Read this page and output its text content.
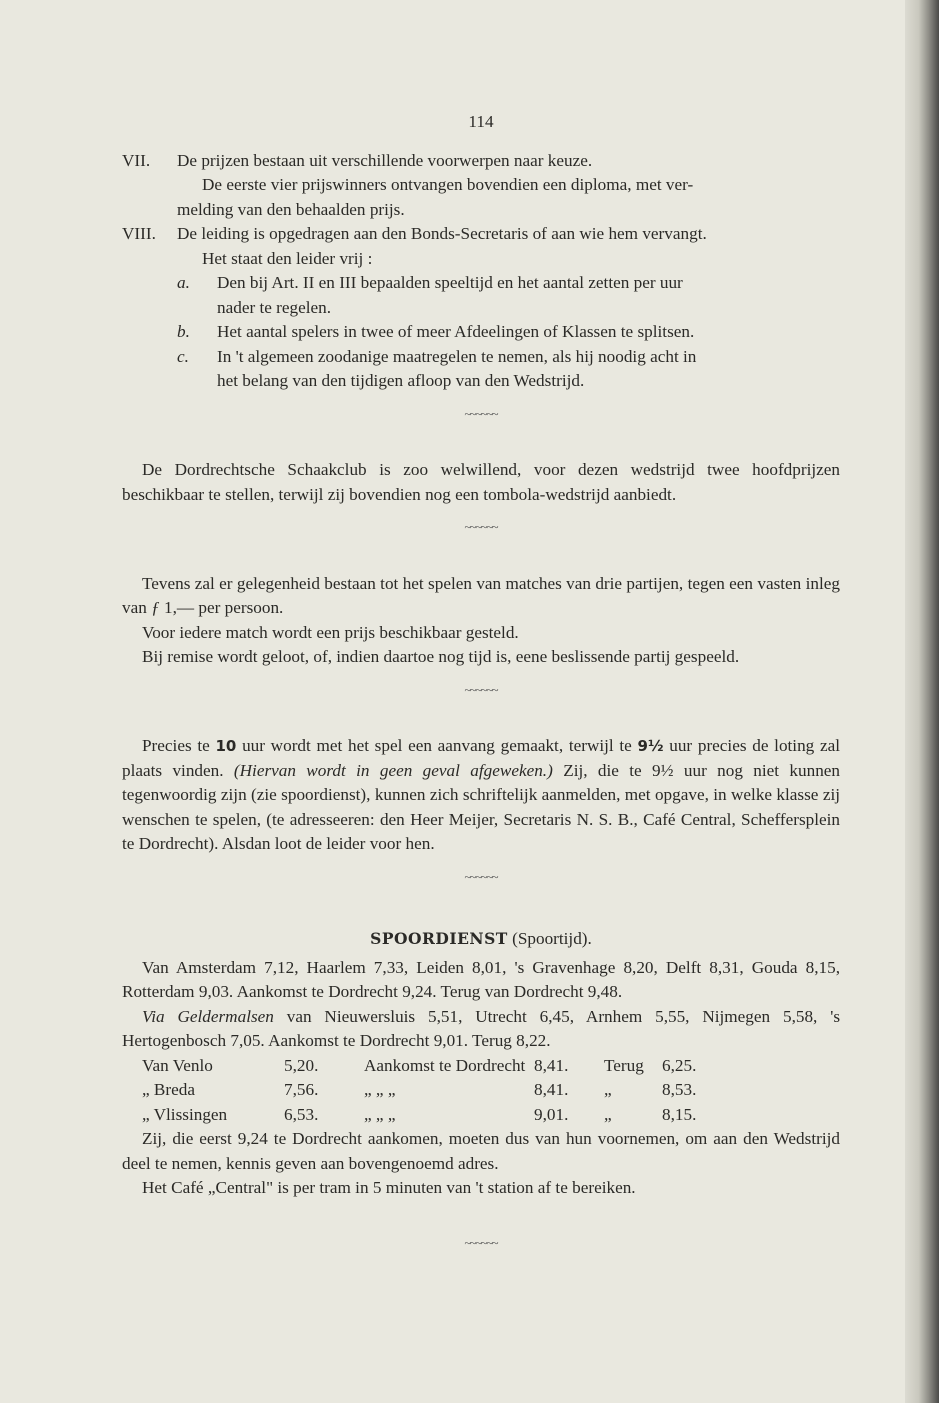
114
VII.	De prijzen bestaan uit verschillende voorwerpen naar keuze.
De eerste vier prijswinners ontvangen bovendien een diploma, met ver-
melding van den behaalden prijs.
VIII.	De leiding is opgedragen aan den Bonds-Secretaris of aan wie hem vervangt.
Het staat den leider vrij :
a. Den bij Art. II en III bepaalden speeltijd en het aantal zetten per uur
nader te regelen.
b. Het aantal spelers in twee of meer Afdeelingen of Klassen te splitsen.
c. In 't algemeen zoodanige maatregelen te nemen, als hij noodig acht in
het belang van den tijdigen afloop van den Wedstrijd.
~~~~~~

De Dordrechtsche Schaakclub is zoo welwillend, voor dezen wedstrijd twee hoofdprijzen beschikbaar te stellen, terwijl zij bovendien nog een tombola-wedstrijd aanbiedt.

~~~~~~

Tevens zal er gelegenheid bestaan tot het spelen van matches van drie partijen, tegen een vasten inleg van ƒ 1,— per persoon.

Voor iedere match wordt een prijs beschikbaar gesteld.

Bij remise wordt geloot, of, indien daartoe nog tijd is, eene beslissende partij gespeeld.

~~~~~~

Precies te 10 uur wordt met het spel een aanvang gemaakt, terwijl te 9½ uur precies de loting zal plaats vinden. (Hiervan wordt in geen geval afgeweken.) Zij, die te 9½ uur nog niet kunnen tegenwoordig zijn (zie spoordienst), kunnen zich schriftelijk aanmelden, met opgave, in welke klasse zij wenschen te spelen, (te adresseeren: den Heer Meijer, Secretaris N. S. B., Café Central, Scheffersplein te Dordrecht). Alsdan loot de leider voor hen.

~~~~~~
SPOORDIENST (Spoortijd).

Van Amsterdam 7,12, Haarlem 7,33, Leiden 8,01, 's Gravenhage 8,20, Delft 8,31, Gouda 8,15, Rotterdam 9,03. Aankomst te Dordrecht 9,24. Terug van Dordrecht 9,48.

Via Geldermalsen van Nieuwersluis 5,51, Utrecht 6,45, Arnhem 5,55, Nijmegen 5,58, 's Hertogenbosch 7,05. Aankomst te Dordrecht 9,01. Terug 8,22.

Van Venlo	5,20.	Aankomst te Dordrecht 8,41.	Terug	6,25.
„ Breda	7,56.	„ „ „	8,41.	„	8,53.
„ Vlissingen	6,53.	„ „ „	9,01.	„	8,15.

Zij, die eerst 9,24 te Dordrecht aankomen, moeten dus van hun voornemen, om aan den Wedstrijd deel te nemen, kennis geven aan bovengenoemd adres.

Het Café „Central" is per tram in 5 minuten van 't station af te bereiken.

~~~~~~
